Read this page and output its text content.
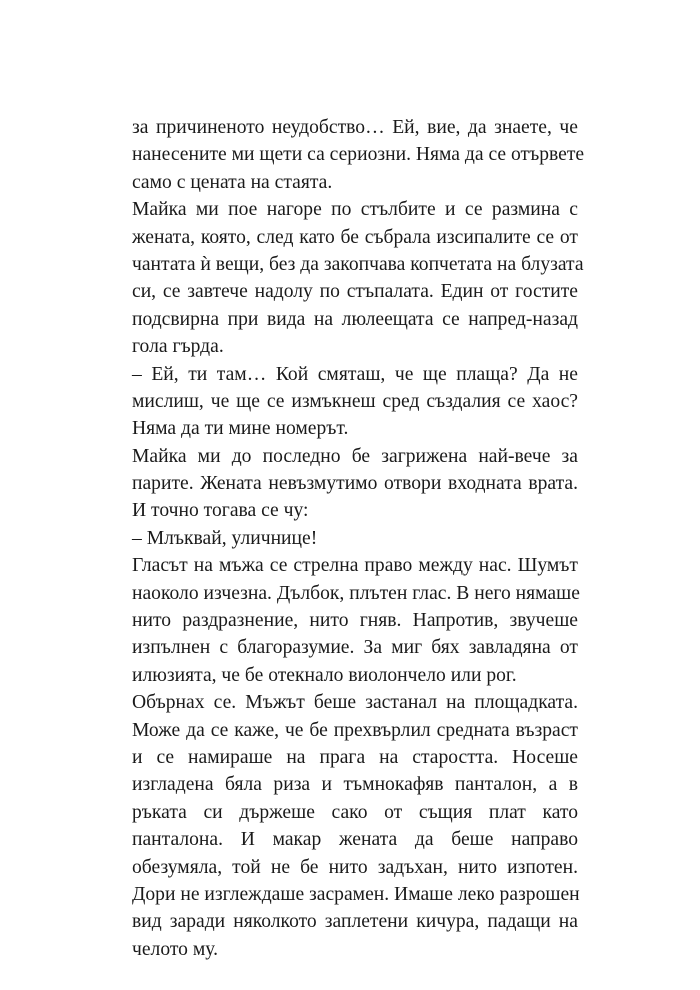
за причиненото неудобство… Ей, вие, да знаете, че
нанесените ми щети са сериозни. Няма да се отървете
само с цената на стаята.
Майка ми пое нагоре по стълбите и се размина с
жената, която, след като бе събрала изсипалите се от
чантата ѝ вещи, без да закопчава копчетата на блузата
си, се завтече надолу по стъпалата. Един от гостите
подсвирна при вида на люлеещата се напред-назад
гола гърда.
– Ей, ти там… Кой смяташ, че ще плаща? Да не
мислиш, че ще се измъкнеш сред създалия се хаос?
Няма да ти мине номерът.
Майка ми до последно бе загрижена най-вече за
парите. Жената невъзмутимо отвори входната врата.
И точно тогава се чу:
– Млъквай, уличнице!
Гласът на мъжа се стрелна право между нас. Шумът
наоколо изчезна. Дълбок, плътен глас. В него нямаше
нито раздразнение, нито гняв. Напротив, звучеше
изпълнен с благоразумие. За миг бях завладяна от
илюзията, че бе отекнало виолончело или рог.
Обърнах се. Мъжът беше застанал на площадката.
Може да се каже, че бе прехвърлил средната възраст
и се намираше на прага на старостта. Носеше
изгладена бяла риза и тъмнокафяв панталон, а в
ръката си държеше сако от същия плат като
панталона. И макар жената да беше направо
обезумяла, той не бе нито задъхан, нито изпотен.
Дори не изглеждаше засрамен. Имаше леко разрошен
вид заради няколкото заплетени кичура, падащи на
челото му.
